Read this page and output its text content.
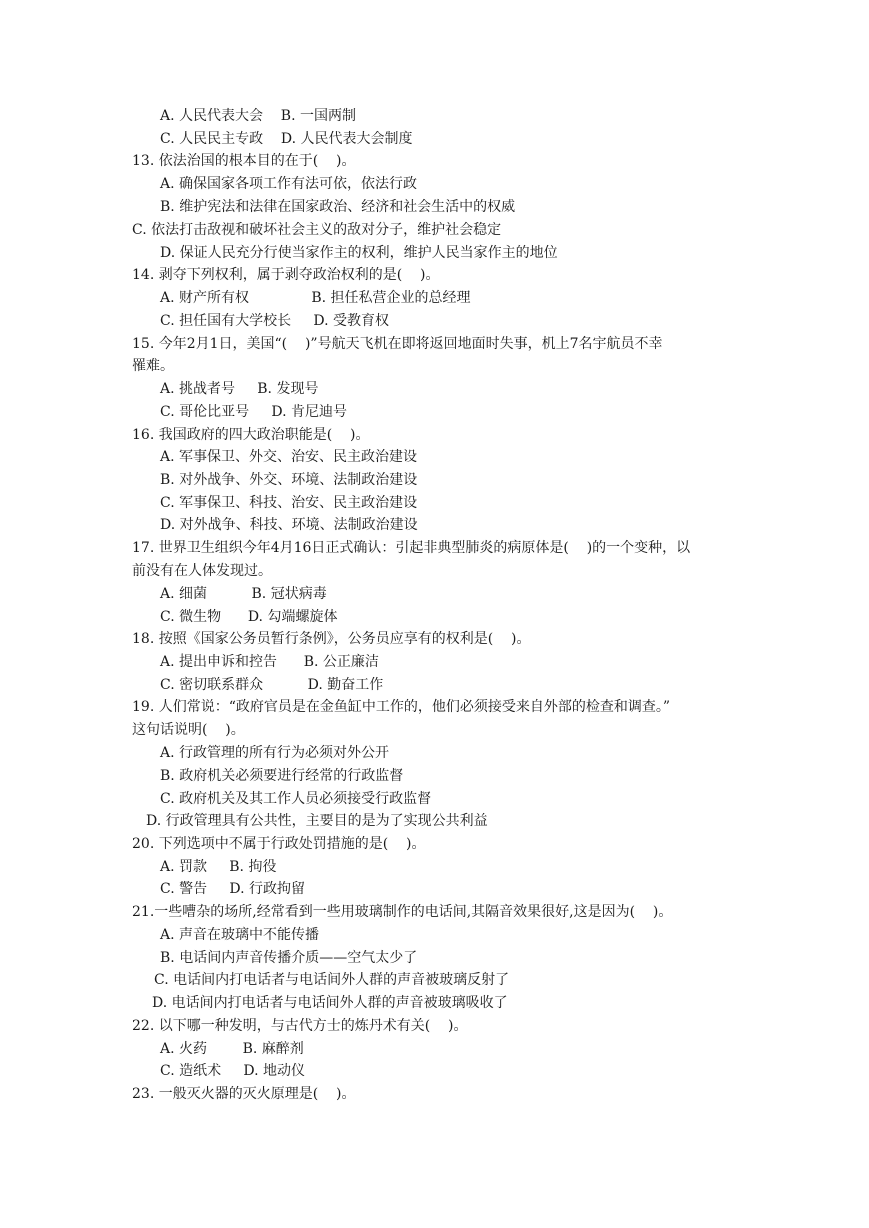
A. 人民代表大会    B. 一国两制
C. 人民民主专政    D. 人民代表大会制度
13. 依法治国的根本目的在于(    )。
A. 确保国家各项工作有法可依，依法行政
B. 维护宪法和法律在国家政治、经济和社会生活中的权威
C. 依法打击敌视和破坏社会主义的敌对分子，维护社会稳定
D. 保证人民充分行使当家作主的权利，维护人民当家作主的地位
14. 剥夺下列权利，属于剥夺政治权利的是(    )。
A. 财产所有权              B. 担任私营企业的总经理
C. 担任国有大学校长     D. 受教育权
15. 今年2月1日，美国“(    )”号航天飞机在即将返回地面时失事，机上7名宇航员不幸
罹难。
A. 挑战者号     B. 发现号
C. 哥伦比亚号     D. 肯尼迪号
16. 我国政府的四大政治职能是(    )。
A. 军事保卫、外交、治安、民主政治建设
B. 对外战争、外交、环境、法制政治建设
C. 军事保卫、科技、治安、民主政治建设
D. 对外战争、科技、环境、法制政治建设
17. 世界卫生组织今年4月16日正式确认：引起非典型肺炎的病原体是(    )的一个变种，以
前没有在人体发现过。
A. 细菌          B. 冠状病毒
C. 微生物      D. 勾端螺旋体
18. 按照《国家公务员暂行条例》，公务员应享有的权利是(    )。
A. 提出申诉和控告      B. 公正廉洁
C. 密切联系群众          D. 勤奋工作
19. 人们常说：“政府官员是在金鱼缸中工作的，他们必须接受来自外部的检查和调查。”
这句话说明(    )。
A. 行政管理的所有行为必须对外公开
B. 政府机关必须要进行经常的行政监督
C. 政府机关及其工作人员必须接受行政监督
D. 行政管理具有公共性，主要目的是为了实现公共利益
20. 下列选项中不属于行政处罚措施的是(    )。
A. 罚款     B. 拘役
C. 警告     D. 行政拘留
21.一些嘈杂的场所,经常看到一些用玻璃制作的电话间,其隔音效果很好,这是因为(    )。
A. 声音在玻璃中不能传播
B. 电话间内声音传播介质——空气太少了
C. 电话间内打电话者与电话间外人群的声音被玻璃反射了
D. 电话间内打电话者与电话间外人群的声音被玻璃吸收了
22. 以下哪一种发明，与古代方士的炼丹术有关(    )。
A. 火药        B. 麻醉剂
C. 造纸术     D. 地动仪
23. 一般灭火器的灭火原理是(    )。
